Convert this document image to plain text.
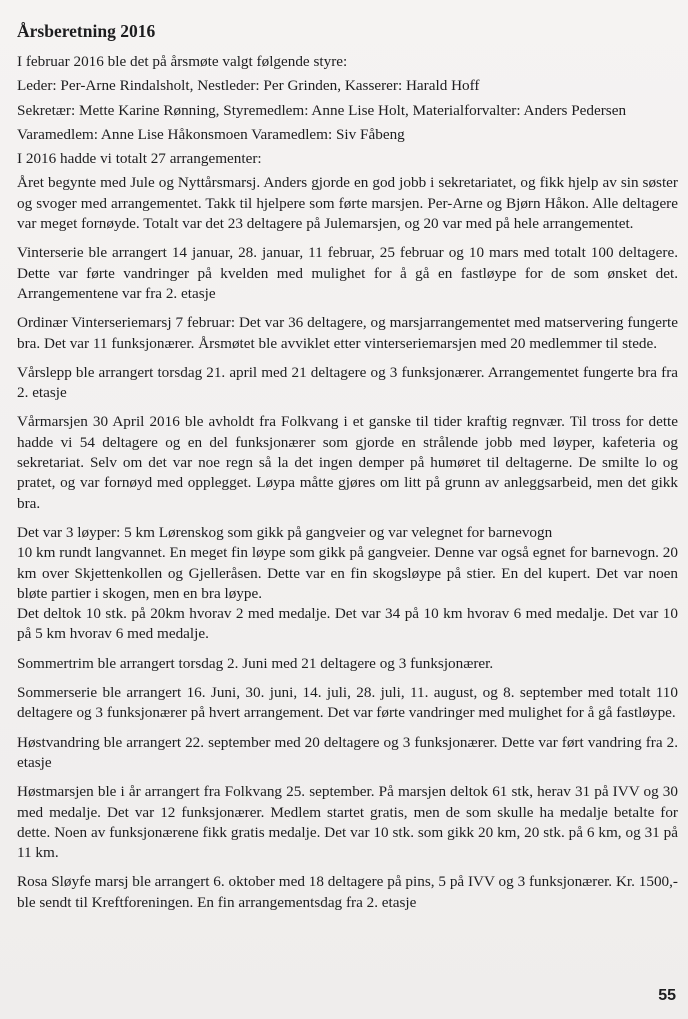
Årsberetning 2016

I februar 2016 ble det på årsmøte valgt følgende styre:

Leder: Per-Arne Rindalsholt, Nestleder: Per Grinden, Kasserer: Harald Hoff

Sekretær: Mette Karine Rønning, Styremedlem: Anne Lise Holt, Materialforvalter: Anders Pedersen

Varamedlem: Anne Lise Håkonsmoen Varamedlem: Siv Fåbeng

I 2016 hadde vi totalt 27 arrangementer:

Året begynte med Jule og Nyttårsmarsj. Anders gjorde en god jobb i sekretariatet, og fikk hjelp av sin søster og svoger med arrangementet. Takk til hjelpere som førte marsjen. Per-Arne og Bjørn Håkon. Alle deltagere var meget fornøyde. Totalt var det 23 deltagere på Julemarsjen, og 20 var med på hele arrangementet.

Vinterserie ble arrangert 14 januar, 28. januar, 11 februar, 25 februar og 10 mars med totalt 100 deltagere. Dette var førte vandringer på kvelden med mulighet for å gå en fastløype for de som ønsket det. Arrangementene var fra 2. etasje

Ordinær Vinterseriemarsj 7 februar: Det var 36 deltagere, og marsjarrangementet med matservering fungerte bra. Det var 11 funksjonærer. Årsmøtet ble avviklet etter vinterseriemarsjen med 20 medlemmer til stede.

Vårslepp ble arrangert torsdag 21. april med 21 deltagere og 3 funksjonærer. Arrangementet fungerte bra fra 2. etasje

Vårmarsjen 30 April 2016 ble avholdt fra Folkvang i et ganske til tider kraftig regnvær. Til tross for dette hadde vi 54 deltagere og en del funksjonærer som gjorde en strålende jobb med løyper, kafeteria og sekretariat. Selv om det var noe regn så la det ingen demper på humøret til deltagerne. De smilte lo og pratet, og var fornøyd med opplegget. Løypa måtte gjøres om litt på grunn av anleggsarbeid, men det gikk bra.

Det var 3 løyper: 5 km Lørenskog som gikk på gangveier og var velegnet for barnevogn

10 km rundt langvannet. En meget fin løype som gikk på gangveier. Denne var også egnet for barnevogn. 20 km over Skjettenkollen og Gjelleråsen. Dette var en fin skogsløype på stier. En del kupert. Det var noen bløte partier i skogen, men en bra løype.

Det deltok 10 stk. på 20km hvorav 2 med medalje. Det var 34 på 10 km hvorav 6 med medalje. Det var 10 på 5 km hvorav 6 med medalje.

Sommertrim ble arrangert torsdag 2. Juni med 21 deltagere og 3 funksjonærer.

Sommerserie ble arrangert 16. Juni, 30. juni, 14. juli, 28. juli, 11. august, og 8. september med totalt 110 deltagere og 3 funksjonærer på hvert arrangement. Det var førte vandringer med mulighet for å gå fastløype.

Høstvandring ble arrangert 22. september med 20 deltagere og 3 funksjonærer. Dette var ført vandring fra 2. etasje

Høstmarsjen ble i år arrangert fra Folkvang 25. september. På marsjen deltok 61 stk, herav 31 på IVV og 30 med medalje. Det var 12 funksjonærer. Medlem startet gratis, men de som skulle ha medalje betalte for dette. Noen av funksjonærene fikk gratis medalje. Det var 10 stk. som gikk 20 km, 20 stk. på 6 km, og 31 på 11 km.

Rosa Sløyfe marsj ble arrangert 6. oktober med 18 deltagere på pins, 5 på IVV og 3 funksjonærer. Kr. 1500,- ble sendt til Kreftforeningen. En fin arrangementsdag fra 2. etasje

55
